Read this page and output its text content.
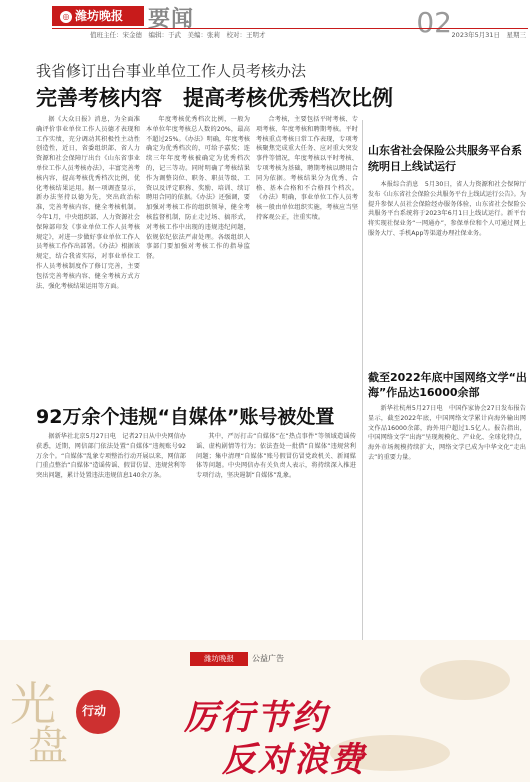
◎ 潍坊晚报	要闻	02
值班主任：宋金德　编辑：于武　美编：张莉　校对：王明才	2023年5月31日　星期三
我省修订出台事业单位工作人员考核办法
完善考核内容　提高考核优秀档次比例

据《大众日报》消息，为全面准确评价事业单位工作人员德才表现和工作实绩，充分调动其积极性主动性创造性，近日，省委组织部、省人力资源和社会保障厅出台《山东省事业单位工作人员考核办法》，丰富完善考核内容，提高考核优秀档次比例，优化考核结果运用。据一项调查显示，新办法坚持以德为先，突出政治标准，完善考核内容，健全考核机制。今年1月，中央组织部、人力资源社会保障部印发《事业单位工作人员考核规定》，对进一步做好事业单位工作人员考核工作作出部署。《办法》根据该规定，结合我省实际，对事业单位工作人员考核制度作了修订完善，主要包括完善考核内容、健全考核方式方法、强化考核结果运用等方面。

年度考核优秀档次比例，一般为本单位年度考核总人数的20%，最高不超过25%。《办法》明确，年度考核确定为优秀档次的，可给予嘉奖；连续三年年度考核被确定为优秀档次的，记三等功。同时明确了考核结果作为调整岗位、职务、职员等级、工资以及评定职称、奖励、培训、续订聘用合同的依据。《办法》还强调，要加强对考核工作的组织领导，健全考核监督机制，防止走过场、搞形式，对考核工作中出现的违规违纪问题，依规依纪依法严肃处理。各级组织人事部门要加强对考核工作的指导监督。

合考核，主要包括平时考核、专项考核、年度考核和聘期考核。平时考核重点考核日常工作表现，专项考核聚焦完成重大任务、应对重大突发事件等情况，年度考核以平时考核、专项考核为基础，聘期考核以聘用合同为依据。考核结果分为优秀、合格、基本合格和不合格四个档次。《办法》明确，事业单位工作人员考核一般由单位组织实施，考核应当坚持客观公正，注重实绩。

92万余个违规“自媒体”账号被处置

据新华社北京5月27日电　记者27日从中央网信办获悉，近期，网信部门依法处置“自媒体”违规账号92万余个。“自媒体”乱象专项整治行动开展以来，网信部门重点整治“自媒体”造谣传谣、假冒仿冒、违规营利等突出问题，累计处置违法违规信息140余万条。

其中，严厉打击“自媒体”在“热点事件”等领域造谣传谣、虚构剧情等行为；依法查处一批借“自媒体”违规营利问题；集中清理“自媒体”账号假冒仿冒党政机关、新闻媒体等问题。中央网信办有关负责人表示，将持续深入推进专项行动，坚决遏制“自媒体”乱象。

山东省社会保险公共服务平台系统明日上线试运行

本报综合消息　5月30日，省人力资源和社会保障厅发布《山东省社会保险公共服务平台上线试运行公告》。为提升参保人员社会保险经办服务体验，山东省社会保险公共服务平台系统将于2023年6月1日上线试运行。新平台将实现社保业务“一网通办”，参保单位和个人可通过网上服务大厅、手机App等渠道办理社保业务。

截至2022年底中国网络文学“出海”作品达16000余部

新华社杭州5月27日电　中国作家协会27日发布报告显示，截至2022年底，中国网络文学累计向海外输出网文作品16000余部，海外用户超过1.5亿人。报告指出，中国网络文学“出海”呈现规模化、产业化、全球化特点，海外市场规模持续扩大，网络文学已成为中华文化“走出去”的重要力量。

潍坊晚报	公益广告
光
盘
行动 厉行节约
反对浪费
